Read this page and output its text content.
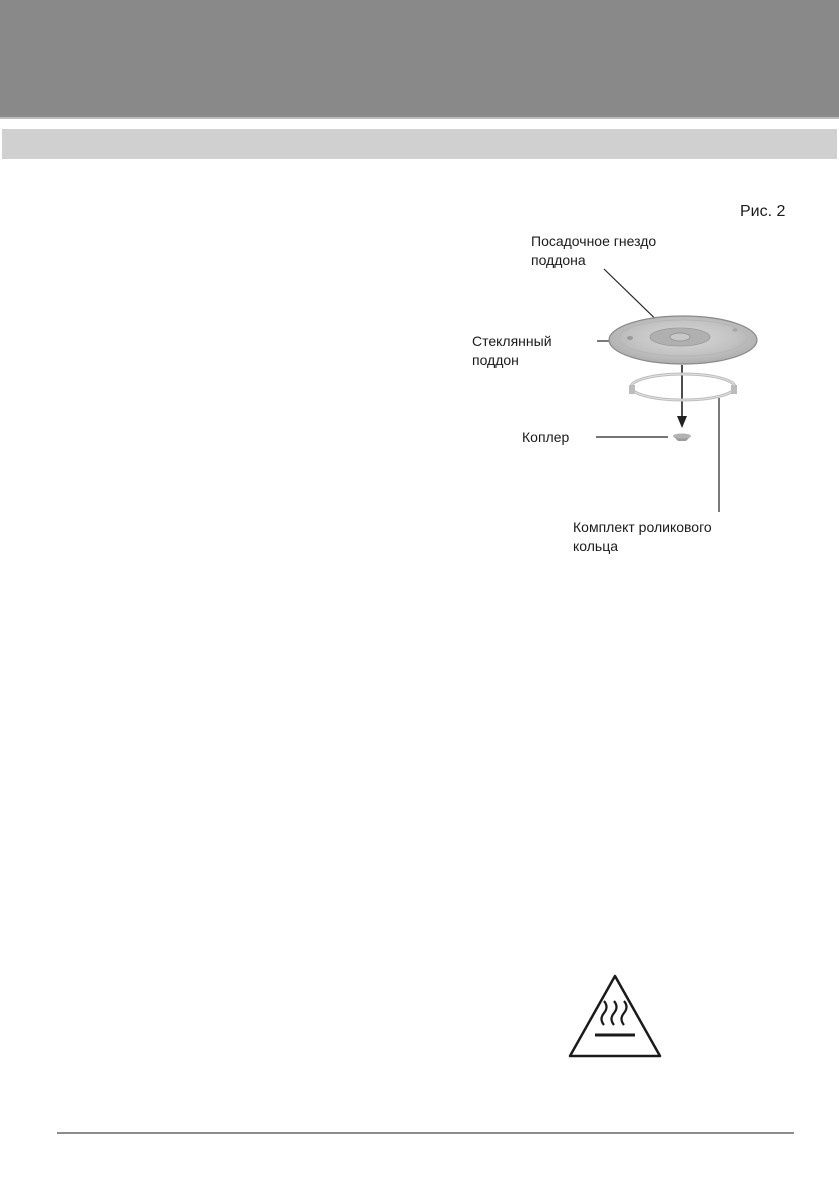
Рис. 2
Посадочное гнездо
поддона
Стеклянный
поддон
Коплер
Комплект роликового
кольца
